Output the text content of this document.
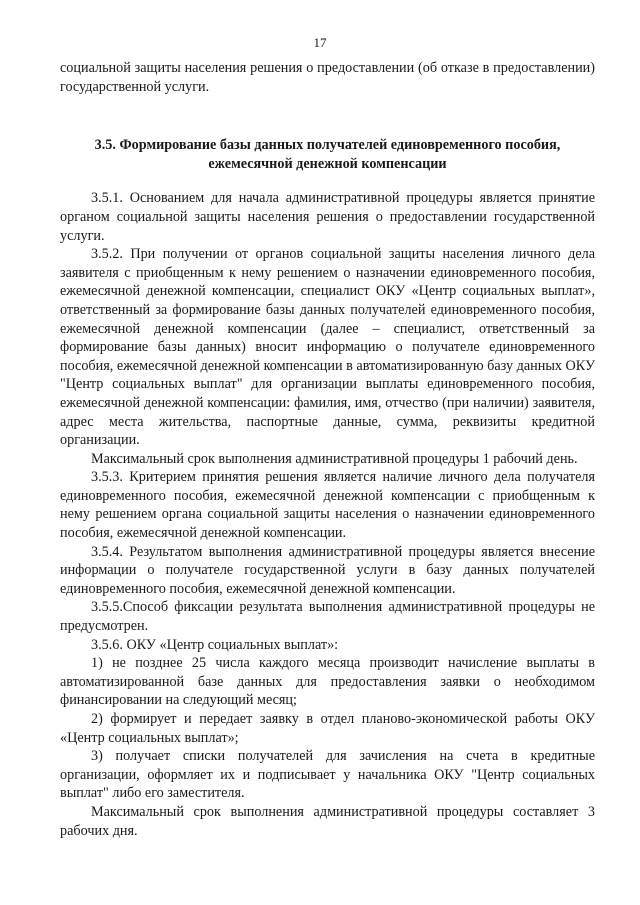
17

социальной защиты населения решения о предоставлении (об отказе в предоставлении) государственной услуги.

3.5. Формирование базы данных получателей единовременного пособия, ежемесячной денежной компенсации

3.5.1. Основанием для начала административной процедуры является принятие органом социальной защиты населения решения о предоставлении государственной услуги.

3.5.2. При получении от органов социальной защиты населения личного дела заявителя с приобщенным к нему решением о назначении единовременного пособия, ежемесячной денежной компенсации, специалист ОКУ «Центр социальных выплат», ответственный за формирование базы данных получателей единовременного пособия, ежемесячной денежной компенсации (далее – специалист, ответственный за формирование базы данных) вносит информацию о получателе единовременного пособия, ежемесячной денежной компенсации в автоматизированную базу данных ОКУ "Центр социальных выплат" для организации выплаты единовременного пособия, ежемесячной денежной компенсации: фамилия, имя, отчество (при наличии) заявителя, адрес места жительства, паспортные данные, сумма, реквизиты кредитной организации.

Максимальный срок выполнения административной процедуры 1 рабочий день.

3.5.3. Критерием принятия решения является наличие личного дела получателя единовременного пособия, ежемесячной денежной компенсации с приобщенным к нему решением органа социальной защиты населения о назначении единовременного пособия, ежемесячной денежной компенсации.

3.5.4. Результатом выполнения административной процедуры является внесение информации о получателе государственной услуги в базу данных получателей единовременного пособия, ежемесячной денежной компенсации.

3.5.5.Способ фиксации результата выполнения административной процедуры не предусмотрен.

3.5.6. ОКУ «Центр социальных выплат»:

1) не позднее 25 числа каждого месяца производит начисление выплаты в автоматизированной базе данных для предоставления заявки о необходимом финансировании на следующий месяц;

2) формирует и передает заявку в отдел планово-экономической работы ОКУ «Центр социальных выплат»;

3) получает списки получателей для зачисления на счета в кредитные организации, оформляет их и подписывает у начальника ОКУ "Центр социальных выплат" либо его заместителя.

Максимальный срок выполнения административной процедуры составляет 3 рабочих дня.
